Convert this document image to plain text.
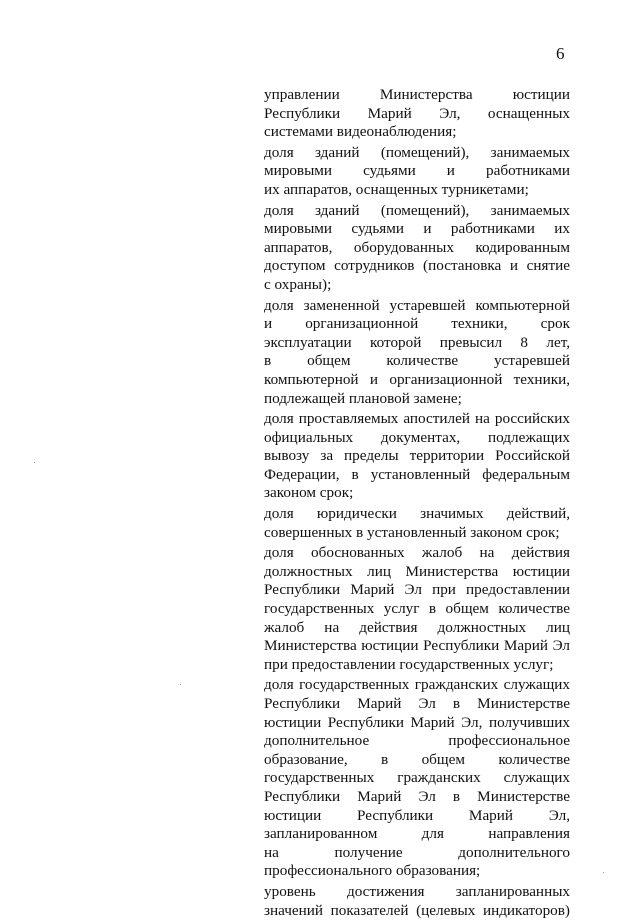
6

управлении Министерства юстиции
Республики Марий Эл, оснащенных
системами видеонаблюдения;

доля зданий (помещений), занимаемых
мировыми судьями и работниками
их аппаратов, оснащенных турникетами;

доля зданий (помещений), занимаемых
мировыми судьями и работниками их
аппаратов, оборудованных кодированным
доступом сотрудников (постановка и снятие
с охраны);

доля замененной устаревшей компьютерной
и организационной техники, срок
эксплуатации которой превысил 8 лет,
в общем количестве устаревшей
компьютерной и организационной техники,
подлежащей плановой замене;

доля проставляемых апостилей на российских
официальных документах, подлежащих
вывозу за пределы территории Российской
Федерации, в установленный федеральным
законом срок;

доля юридически значимых действий,
совершенных в установленный законом срок;

доля обоснованных жалоб на действия
должностных лиц Министерства юстиции
Республики Марий Эл при предоставлении
государственных услуг в общем количестве
жалоб на действия должностных лиц
Министерства юстиции Республики Марий Эл
при предоставлении государственных услуг;

доля государственных гражданских служащих
Республики Марий Эл в Министерстве
юстиции Республики Марий Эл, получивших
дополнительное профессиональное
образование, в общем количестве
государственных гражданских служащих
Республики Марий Эл в Министерстве
юстиции Республики Марий Эл,
запланированном для направления
на получение дополнительного
профессионального образования;

уровень достижения запланированных
значений показателей (целевых индикаторов)
